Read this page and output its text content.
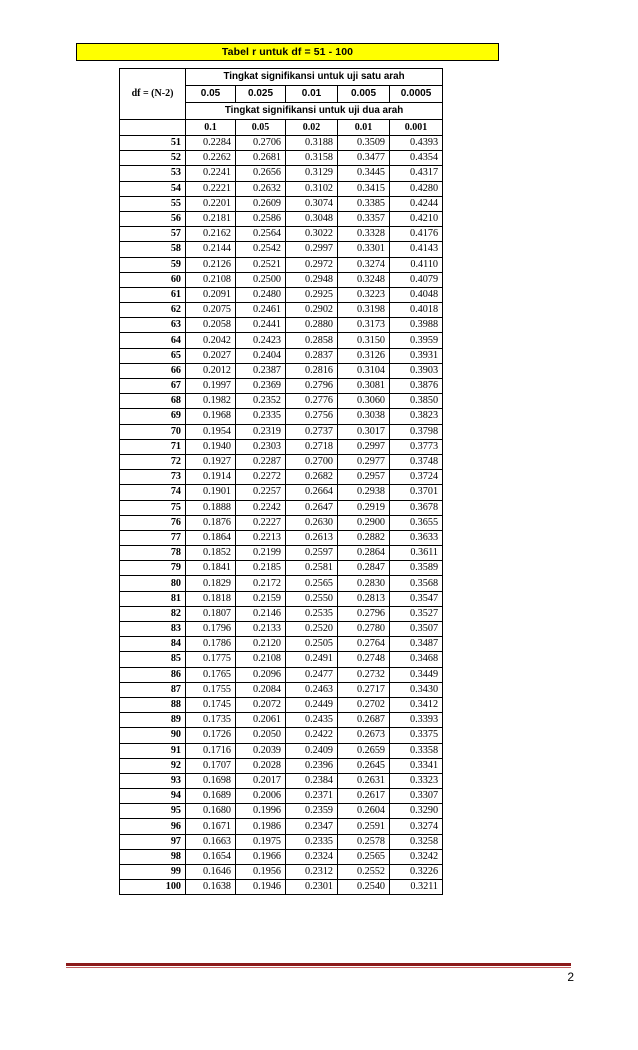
Tabel r untuk df = 51 - 100
df = (N-2)	Tingkat signifikansi untuk uji satu arah				
	0.05	0.025	0.01	0.005	0.0005
	Tingkat signifikansi untuk uji dua arah				
	0.1	0.05	0.02	0.01	0.001
51	0.2284	0.2706	0.3188	0.3509	0.4393
52	0.2262	0.2681	0.3158	0.3477	0.4354
53	0.2241	0.2656	0.3129	0.3445	0.4317
54	0.2221	0.2632	0.3102	0.3415	0.4280
55	0.2201	0.2609	0.3074	0.3385	0.4244
56	0.2181	0.2586	0.3048	0.3357	0.4210
57	0.2162	0.2564	0.3022	0.3328	0.4176
58	0.2144	0.2542	0.2997	0.3301	0.4143
59	0.2126	0.2521	0.2972	0.3274	0.4110
60	0.2108	0.2500	0.2948	0.3248	0.4079
61	0.2091	0.2480	0.2925	0.3223	0.4048
62	0.2075	0.2461	0.2902	0.3198	0.4018
63	0.2058	0.2441	0.2880	0.3173	0.3988
64	0.2042	0.2423	0.2858	0.3150	0.3959
65	0.2027	0.2404	0.2837	0.3126	0.3931
66	0.2012	0.2387	0.2816	0.3104	0.3903
67	0.1997	0.2369	0.2796	0.3081	0.3876
68	0.1982	0.2352	0.2776	0.3060	0.3850
69	0.1968	0.2335	0.2756	0.3038	0.3823
70	0.1954	0.2319	0.2737	0.3017	0.3798
71	0.1940	0.2303	0.2718	0.2997	0.3773
72	0.1927	0.2287	0.2700	0.2977	0.3748
73	0.1914	0.2272	0.2682	0.2957	0.3724
74	0.1901	0.2257	0.2664	0.2938	0.3701
75	0.1888	0.2242	0.2647	0.2919	0.3678
76	0.1876	0.2227	0.2630	0.2900	0.3655
77	0.1864	0.2213	0.2613	0.2882	0.3633
78	0.1852	0.2199	0.2597	0.2864	0.3611
79	0.1841	0.2185	0.2581	0.2847	0.3589
80	0.1829	0.2172	0.2565	0.2830	0.3568
81	0.1818	0.2159	0.2550	0.2813	0.3547
82	0.1807	0.2146	0.2535	0.2796	0.3527
83	0.1796	0.2133	0.2520	0.2780	0.3507
84	0.1786	0.2120	0.2505	0.2764	0.3487
85	0.1775	0.2108	0.2491	0.2748	0.3468
86	0.1765	0.2096	0.2477	0.2732	0.3449
87	0.1755	0.2084	0.2463	0.2717	0.3430
88	0.1745	0.2072	0.2449	0.2702	0.3412
89	0.1735	0.2061	0.2435	0.2687	0.3393
90	0.1726	0.2050	0.2422	0.2673	0.3375
91	0.1716	0.2039	0.2409	0.2659	0.3358
92	0.1707	0.2028	0.2396	0.2645	0.3341
93	0.1698	0.2017	0.2384	0.2631	0.3323
94	0.1689	0.2006	0.2371	0.2617	0.3307
95	0.1680	0.1996	0.2359	0.2604	0.3290
96	0.1671	0.1986	0.2347	0.2591	0.3274
97	0.1663	0.1975	0.2335	0.2578	0.3258
98	0.1654	0.1966	0.2324	0.2565	0.3242
99	0.1646	0.1956	0.2312	0.2552	0.3226
100	0.1638	0.1946	0.2301	0.2540	0.3211
2
